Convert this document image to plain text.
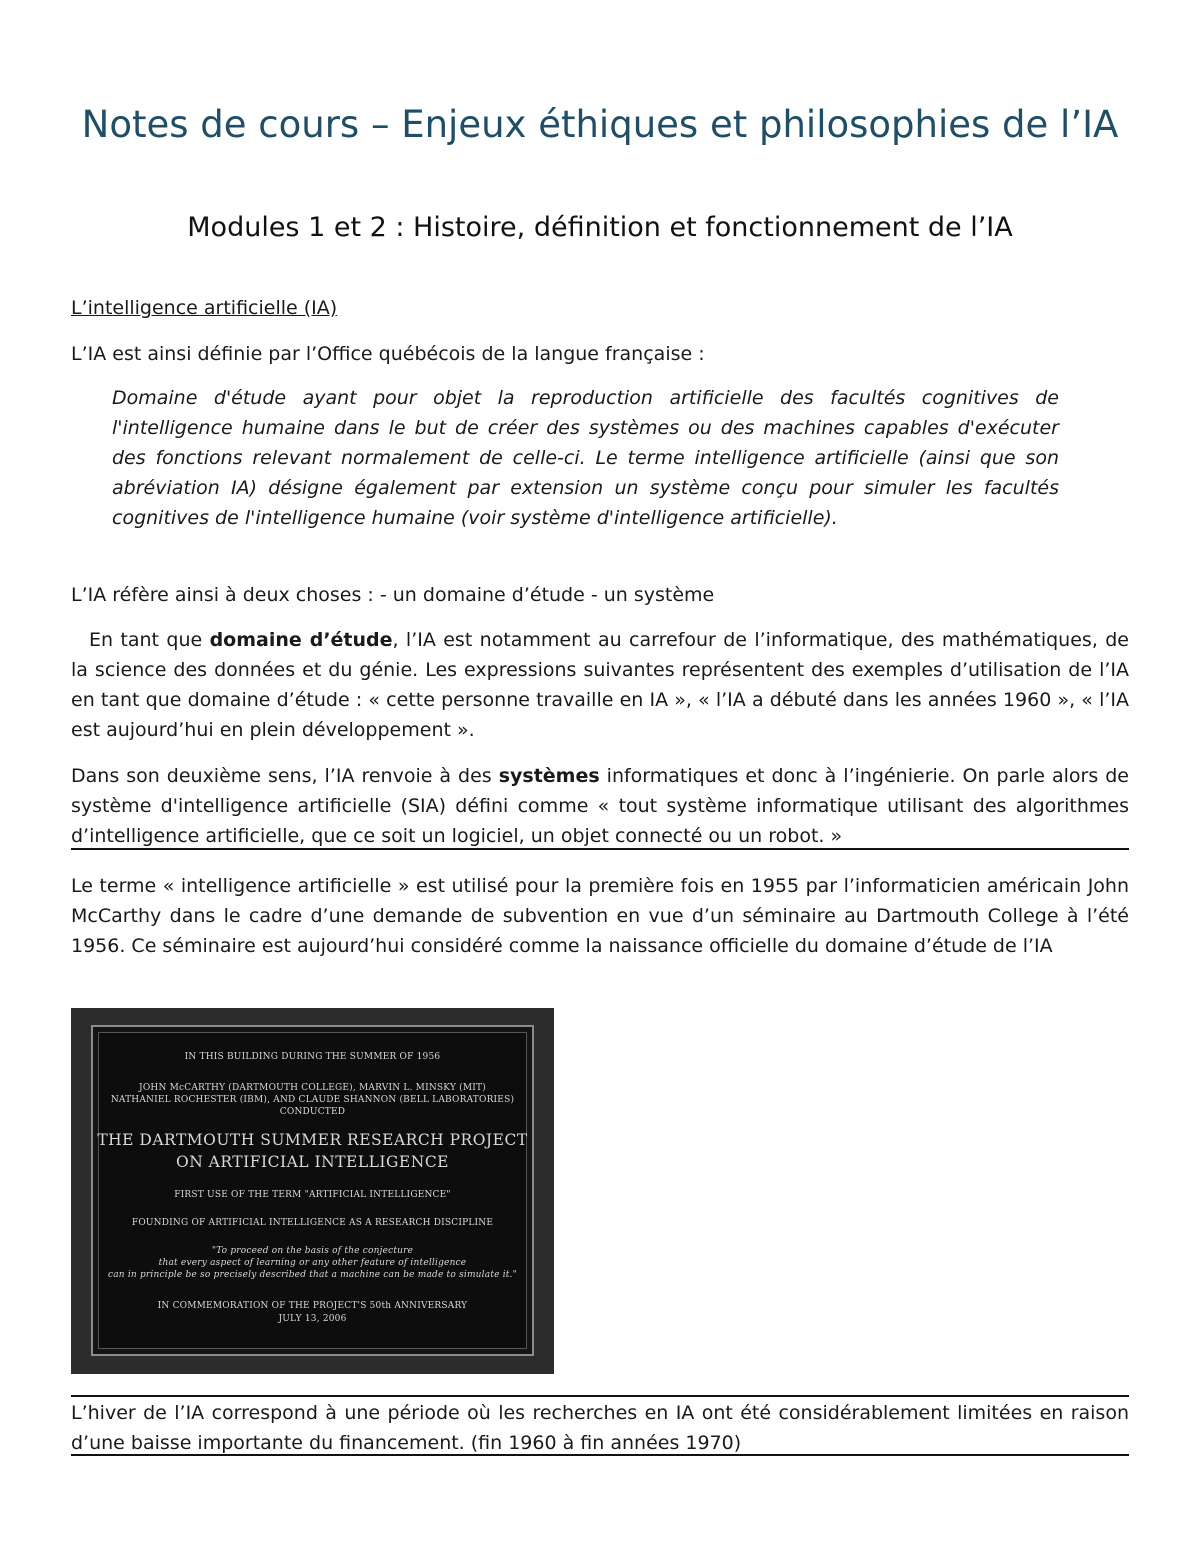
Notes de cours – Enjeux éthiques et philosophies de l’IA
Modules 1 et 2 : Histoire, définition et fonctionnement de l’IA
L’intelligence artificielle (IA)

L’IA est ainsi définie par l’Office québécois de la langue française :

Domaine d'étude ayant pour objet la reproduction artificielle des facultés cognitives de l'intelligence humaine dans le but de créer des systèmes ou des machines capables d'exécuter des fonctions relevant normalement de celle-ci. Le terme intelligence artificielle (ainsi que son abréviation IA) désigne également par extension un système conçu pour simuler les facultés cognitives de l'intelligence humaine (voir système d'intelligence artificielle).

L’IA réfère ainsi à deux choses : - un domaine d’étude - un système

En tant que domaine d’étude, l’IA est notamment au carrefour de l’informatique, des mathématiques, de la science des données et du génie. Les expressions suivantes représentent des exemples d’utilisation de l’IA en tant que domaine d’étude : « cette personne travaille en IA », « l’IA a débuté dans les années 1960 », « l’IA est aujourd’hui en plein développement ».

Dans son deuxième sens, l’IA renvoie à des systèmes informatiques et donc à l’ingénierie. On parle alors de système d'intelligence artificielle (SIA) défini comme « tout système informatique utilisant des algorithmes d’intelligence artificielle, que ce soit un logiciel, un objet connecté ou un robot. »

Le terme « intelligence artificielle » est utilisé pour la première fois en 1955 par l’informaticien américain John McCarthy dans le cadre d’une demande de subvention en vue d’un séminaire au Dartmouth College à l’été 1956. Ce séminaire est aujourd’hui considéré comme la naissance officielle du domaine d’étude de l’IA

IN THIS BUILDING DURING THE SUMMER OF 1956

JOHN McCARTHY (DARTMOUTH COLLEGE), MARVIN L. MINSKY (MIT)

NATHANIEL ROCHESTER (IBM), AND CLAUDE SHANNON (BELL LABORATORIES)

CONDUCTED

THE DARTMOUTH SUMMER RESEARCH PROJECT

ON ARTIFICIAL INTELLIGENCE

FIRST USE OF THE TERM "ARTIFICIAL INTELLIGENCE"

FOUNDING OF ARTIFICIAL INTELLIGENCE AS A RESEARCH DISCIPLINE

"To proceed on the basis of the conjecture

that every aspect of learning or any other feature of intelligence

can in principle be so precisely described that a machine can be made to simulate it."

IN COMMEMORATION OF THE PROJECT'S 50th ANNIVERSARY

JULY 13, 2006

L’hiver de l’IA correspond à une période où les recherches en IA ont été considérablement limitées en raison d’une baisse importante du financement. (fin 1960 à fin années 1970)
